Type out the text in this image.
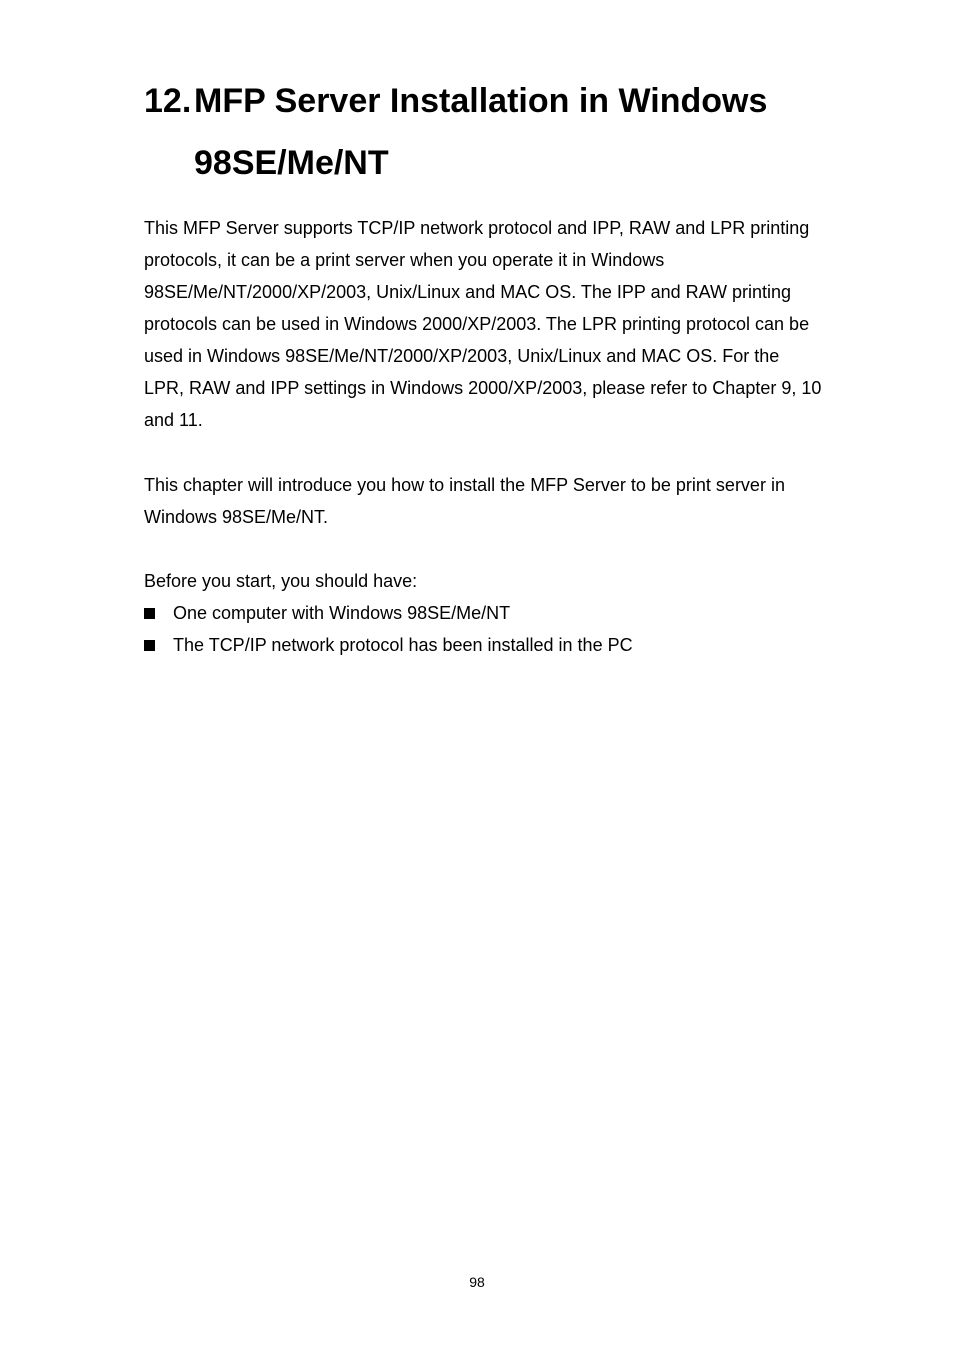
12. MFP Server Installation in Windows 98SE/Me/NT

This MFP Server supports TCP/IP network protocol and IPP, RAW and LPR printing protocols, it can be a print server when you operate it in Windows 98SE/Me/NT/2000/XP/2003, Unix/Linux and MAC OS. The IPP and RAW printing protocols can be used in Windows 2000/XP/2003. The LPR printing protocol can be used in Windows 98SE/Me/NT/2000/XP/2003, Unix/Linux and MAC OS. For the LPR, RAW and IPP settings in Windows 2000/XP/2003, please refer to Chapter 9, 10 and 11.

This chapter will introduce you how to install the MFP Server to be print server in Windows 98SE/Me/NT.

Before you start, you should have:

One computer with Windows 98SE/Me/NT
The TCP/IP network protocol has been installed in the PC
98
